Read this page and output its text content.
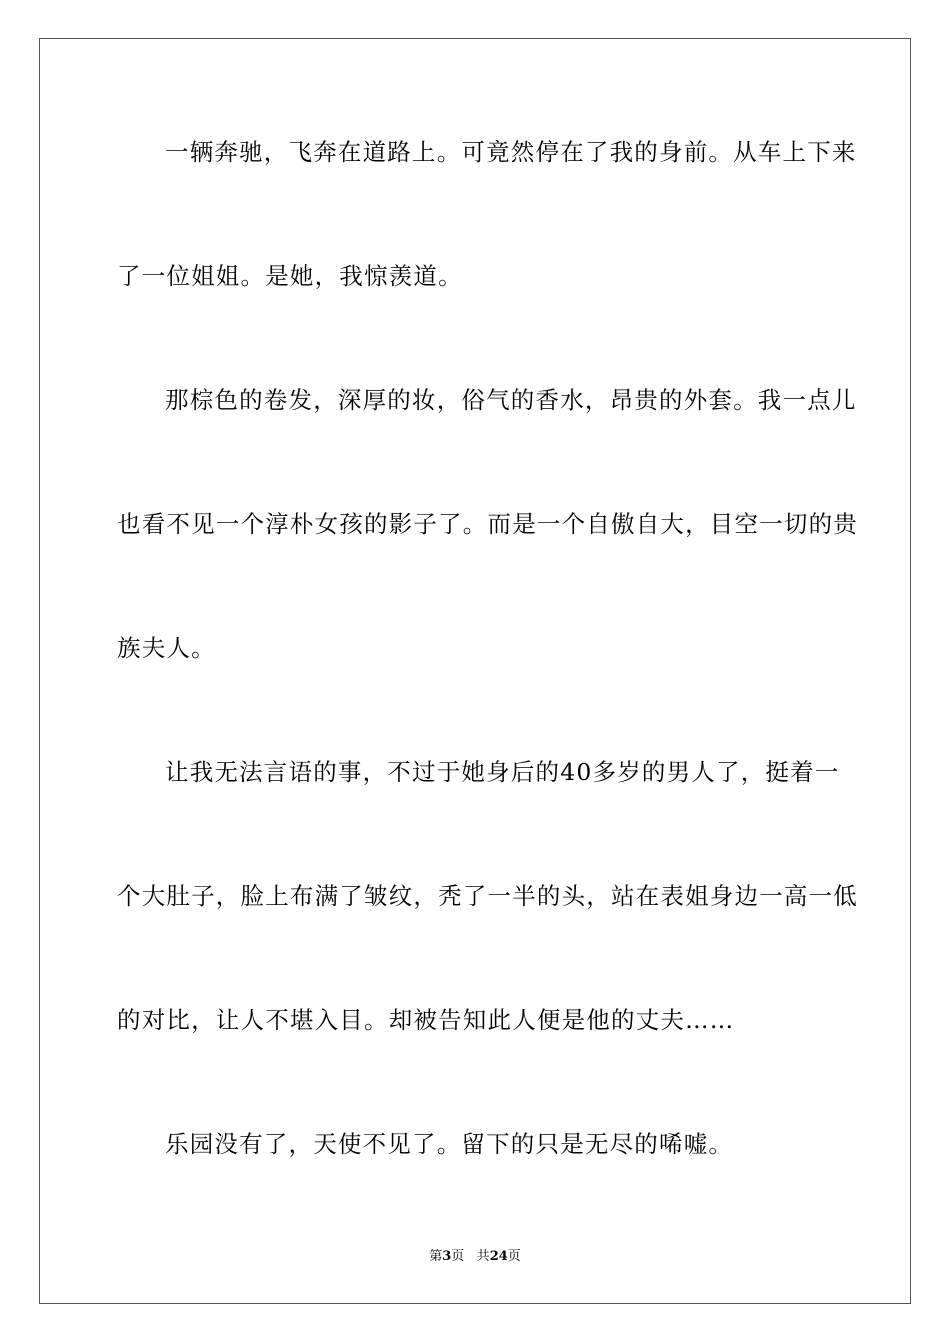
一辆奔驰，飞奔在道路上。可竟然停在了我的身前。从车上下来
了一位姐姐。是她，我惊羡道。
那棕色的卷发，深厚的妆，俗气的香水，昂贵的外套。我一点儿
也看不见一个淳朴女孩的影子了。而是一个自傲自大，目空一切的贵
族夫人。
让我无法言语的事，不过于她身后的40多岁的男人了，挺着一
个大肚子，脸上布满了皱纹，秃了一半的头，站在表姐身边一高一低
的对比，让人不堪入目。却被告知此人便是他的丈夫……
乐园没有了，天使不见了。留下的只是无尽的唏嘘。
第3页 共24页
